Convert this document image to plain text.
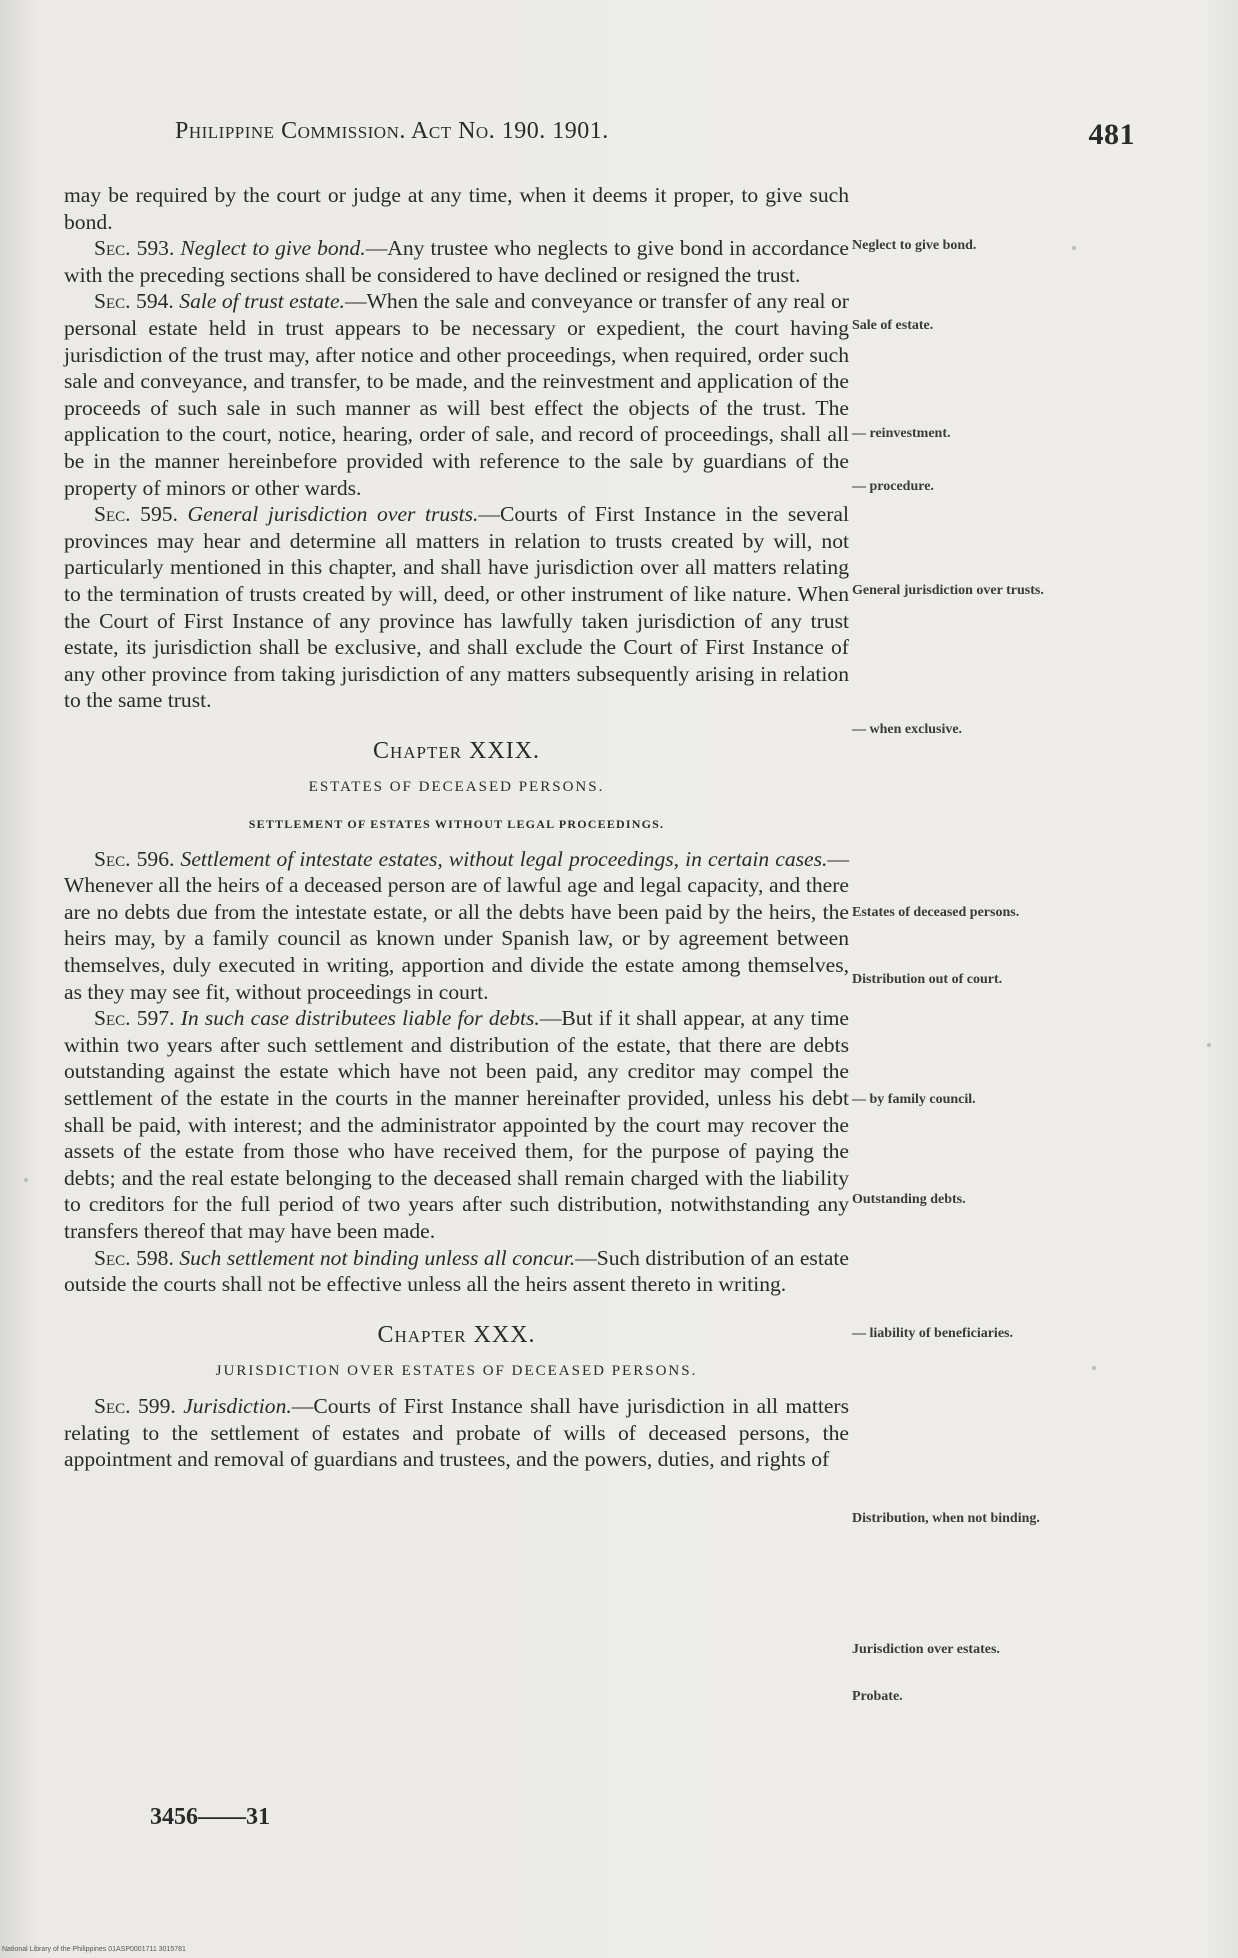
Philippine Commission. Act No. 190. 1901.	481

may be required by the court or judge at any time, when it deems it proper, to give such bond.

Sec. 593. Neglect to give bond.—Any trustee who neglects to give bond in accordance with the preceding sections shall be considered to have declined or resigned the trust.

Sec. 594. Sale of trust estate.—When the sale and conveyance or transfer of any real or personal estate held in trust appears to be necessary or expedient, the court having jurisdiction of the trust may, after notice and other proceedings, when required, order such sale and conveyance, and transfer, to be made, and the reinvestment and application of the proceeds of such sale in such manner as will best effect the objects of the trust. The application to the court, notice, hearing, order of sale, and record of proceedings, shall all be in the manner hereinbefore provided with reference to the sale by guardians of the property of minors or other wards.

Sec. 595. General jurisdiction over trusts.—Courts of First Instance in the several provinces may hear and determine all matters in relation to trusts created by will, not particularly mentioned in this chapter, and shall have jurisdiction over all matters relating to the termination of trusts created by will, deed, or other instrument of like nature. When the Court of First Instance of any province has lawfully taken jurisdiction of any trust estate, its jurisdiction shall be exclusive, and shall exclude the Court of First Instance of any other province from taking jurisdiction of any matters subsequently arising in relation to the same trust.

Chapter XXIX.
ESTATES OF DECEASED PERSONS.
SETTLEMENT OF ESTATES WITHOUT LEGAL PROCEEDINGS.

Sec. 596. Settlement of intestate estates, without legal proceedings, in certain cases.—Whenever all the heirs of a deceased person are of lawful age and legal capacity, and there are no debts due from the intestate estate, or all the debts have been paid by the heirs, the heirs may, by a family council as known under Spanish law, or by agreement between themselves, duly executed in writing, apportion and divide the estate among themselves, as they may see fit, without proceedings in court.

Sec. 597. In such case distributees liable for debts.—But if it shall appear, at any time within two years after such settlement and distribution of the estate, that there are debts outstanding against the estate which have not been paid, any creditor may compel the settlement of the estate in the courts in the manner hereinafter provided, unless his debt shall be paid, with interest; and the administrator appointed by the court may recover the assets of the estate from those who have received them, for the purpose of paying the debts; and the real estate belonging to the deceased shall remain charged with the liability to creditors for the full period of two years after such distribution, notwithstanding any transfers thereof that may have been made.

Sec. 598. Such settlement not binding unless all concur.—Such distribution of an estate outside the courts shall not be effective unless all the heirs assent thereto in writing.

Chapter XXX.
JURISDICTION OVER ESTATES OF DECEASED PERSONS.

Sec. 599. Jurisdiction.—Courts of First Instance shall have jurisdiction in all matters relating to the settlement of estates and probate of wills of deceased persons, the appointment and removal of guardians and trustees, and the powers, duties, and rights of

Neglect to give bond.
Sale of estate.
— reinvestment.
— procedure.
General jurisdiction over trusts.
— when exclusive.
Estates of deceased persons.
Distribution out of court.
— by family council.
Outstanding debts.
— liability of beneficiaries.
Distribution, when not binding.
Jurisdiction over estates.
Probate.
3456——31
National Library of the Philippines 01ASP0001711 3015781
